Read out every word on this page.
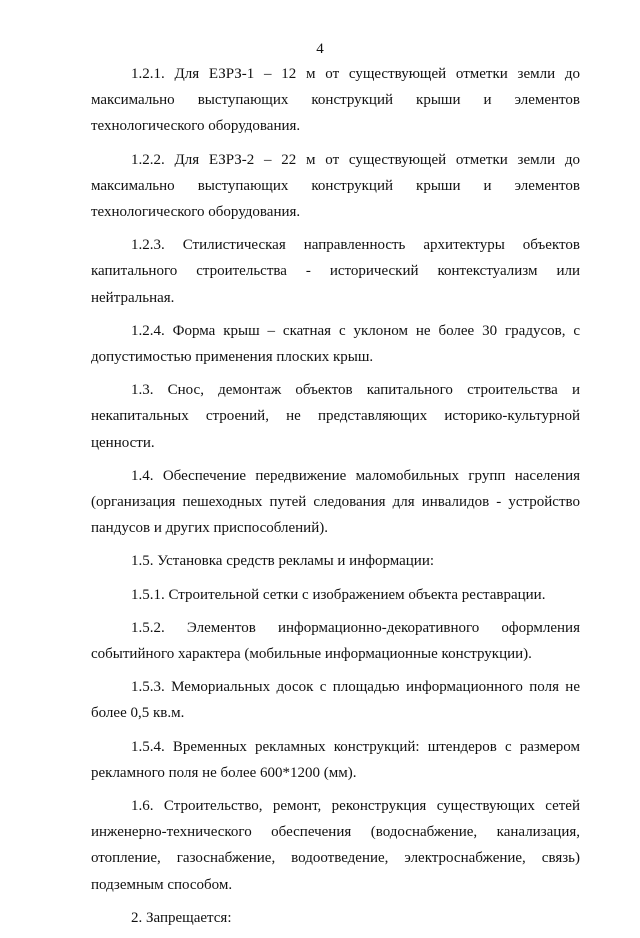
4

1.2.1. Для ЕЗРЗ-1 – 12 м от существующей отметки земли до максимально выступающих конструкций крыши и элементов технологического оборудования.

1.2.2. Для ЕЗРЗ-2 – 22 м от существующей отметки земли до максимально выступающих конструкций крыши и элементов технологического оборудования.

1.2.3. Стилистическая направленность архитектуры объектов капитального строительства - исторический контекстуализм или нейтральная.

1.2.4. Форма крыш – скатная с уклоном не более 30 градусов, с допустимостью применения плоских крыш.

1.3. Снос, демонтаж объектов капитального строительства и некапитальных строений, не представляющих историко-культурной ценности.

1.4. Обеспечение передвижение маломобильных групп населения (организация пешеходных путей следования для инвалидов - устройство пандусов и других приспособлений).

1.5. Установка средств рекламы и информации:

1.5.1. Строительной сетки с изображением объекта реставрации.

1.5.2. Элементов информационно-декоративного оформления событийного характера (мобильные информационные конструкции).

1.5.3. Мемориальных досок с площадью информационного поля не более 0,5 кв.м.

1.5.4. Временных рекламных конструкций: штендеров с размером рекламного поля не более 600*1200 (мм).

1.6. Строительство, ремонт, реконструкция существующих сетей инженерно-технического обеспечения (водоснабжение, канализация, отопление, газоснабжение, водоотведение, электроснабжение, связь) подземным способом.

2. Запрещается:
